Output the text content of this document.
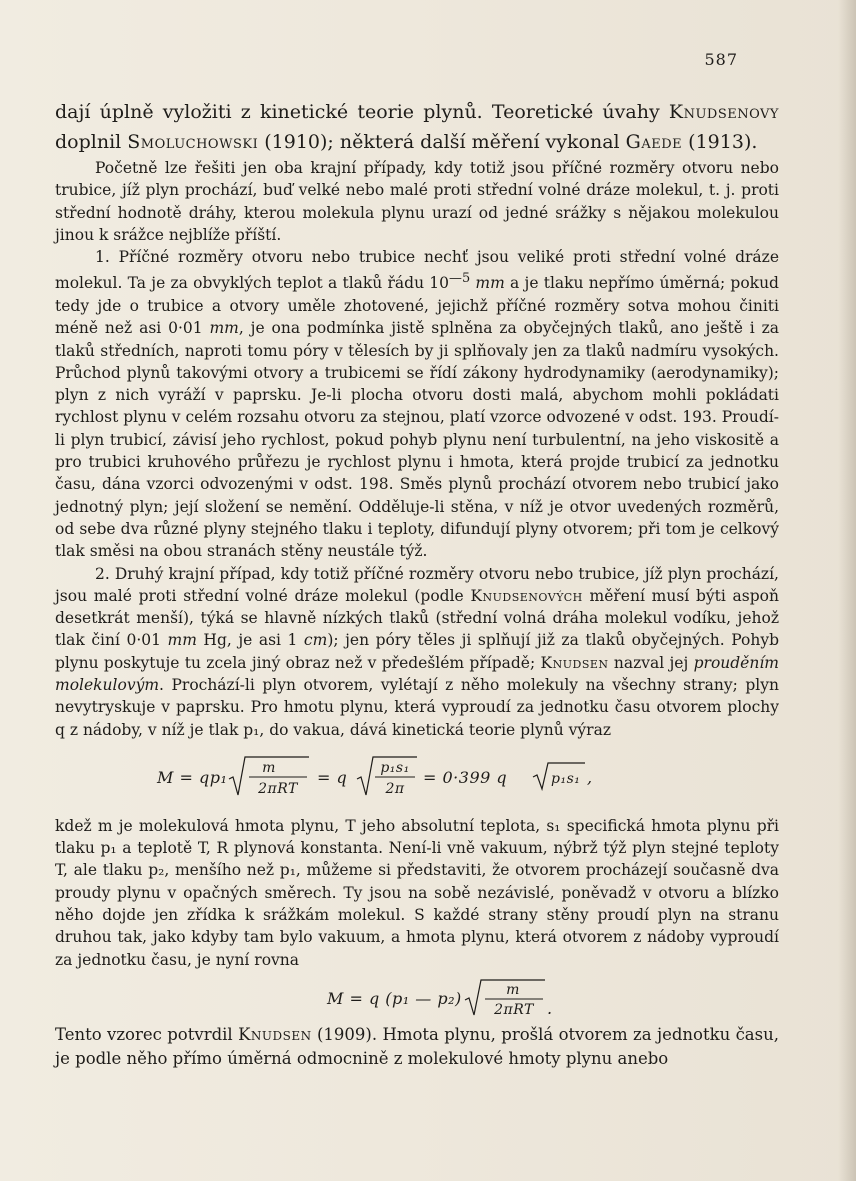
587

dají úplně vyložiti z kinetické teorie plynů. Teoretické úvahy Knudsenovy doplnil Smoluchowski (1910); některá další měření vykonal Gaede (1913).

Početně lze řešiti jen oba krajní případy, kdy totiž jsou příčné rozměry otvoru nebo trubice, jíž plyn prochází, buď velké nebo malé proti střední volné dráze molekul, t. j. proti střední hodnotě dráhy, kterou molekula plynu urazí od jedné srážky s nějakou molekulou jinou k srážce nejblíže příští.

1. Příčné rozměry otvoru nebo trubice nechť jsou veliké proti střední volné dráze molekul. Ta je za obvyklých teplot a tlaků řádu $10^{—5}$ mm a je tlaku nepřímo úměrná; pokud tedy jde o trubice a otvory uměle zhotovené, jejichž příčné rozměry sotva mohou činiti méně než asi 0·01 mm, je ona podmínka jistě splněna za obyčejných tlaků, ano ještě i za tlaků středních, naproti tomu póry v tělesích by ji splňovaly jen za tlaků nadmíru vysokých. Průchod plynů takovými otvory a trubicemi se řídí zákony hydrodynamiky (aerodynamiky); plyn z nich vyráží v paprsku. Je-li plocha otvoru dosti malá, abychom mohli pokládati rychlost plynu v celém rozsahu otvoru za stejnou, platí vzorce odvozené v odst. 193. Proudí-li plyn trubicí, závisí jeho rychlost, pokud pohyb plynu není turbulentní, na jeho viskositě a pro trubici kruhového průřezu je rychlost plynu i hmota, která projde trubicí za jednotku času, dána vzorci odvozenými v odst. 198. Směs plynů prochází otvorem nebo trubicí jako jednotný plyn; její složení se nemění. Odděluje-li stěna, v níž je otvor uvedených rozměrů, od sebe dva různé plyny stejného tlaku i teploty, difundují plyny otvorem; při tom je celkový tlak směsi na obou stranách stěny neustále týž.

2. Druhý krajní případ, kdy totiž příčné rozměry otvoru nebo trubice, jíž plyn prochází, jsou malé proti střední volné dráze molekul (podle Knudsenových měření musí býti aspoň desetkrát menší), týká se hlavně nízkých tlaků (střední volná dráha molekul vodíku, jehož tlak činí 0·01 mm Hg, je asi 1 cm); jen póry těles ji splňují již za tlaků obyčejných. Pohyb plynu poskytuje tu zcela jiný obraz než v předešlém případě; Knudsen nazval jej prouděním molekulovým. Prochází-li plyn otvorem, vylétají z něho molekuly na všechny strany; plyn nevytryskuje v paprsku. Pro hmotu plynu, která vyproudí za jednotku času otvorem plochy q z nádoby, v níž je tlak p₁, do vakua, dává kinetická teorie plynů výraz

M = qp₁ m
2πRT
= q p₁s₁
2π
= 0·399 q	p₁s₁ ,

kdež m je molekulová hmota plynu, T jeho absolutní teplota, s₁ specifická hmota plynu při tlaku p₁ a teplotě T, R plynová konstanta. Není-li vně vakuum, nýbrž týž plyn stejné teploty T, ale tlaku p₂, menšího než p₁, můžeme si představiti, že otvorem procházejí současně dva proudy plynu v opačných směrech. Ty jsou na sobě nezávislé, poněvadž v otvoru a blízko něho dojde jen zřídka k srážkám molekul. S každé strany stěny proudí plyn na stranu druhou tak, jako kdyby tam bylo vakuum, a hmota plynu, která otvorem z nádoby vyproudí za jednotku času, je nyní rovna

M = q (p₁ — p₂)	m
2πRT .

Tento vzorec potvrdil Knudsen (1909). Hmota plynu, prošlá otvorem za jednotku času, je podle něho přímo úměrná odmocnině z molekulové hmoty plynu anebo
